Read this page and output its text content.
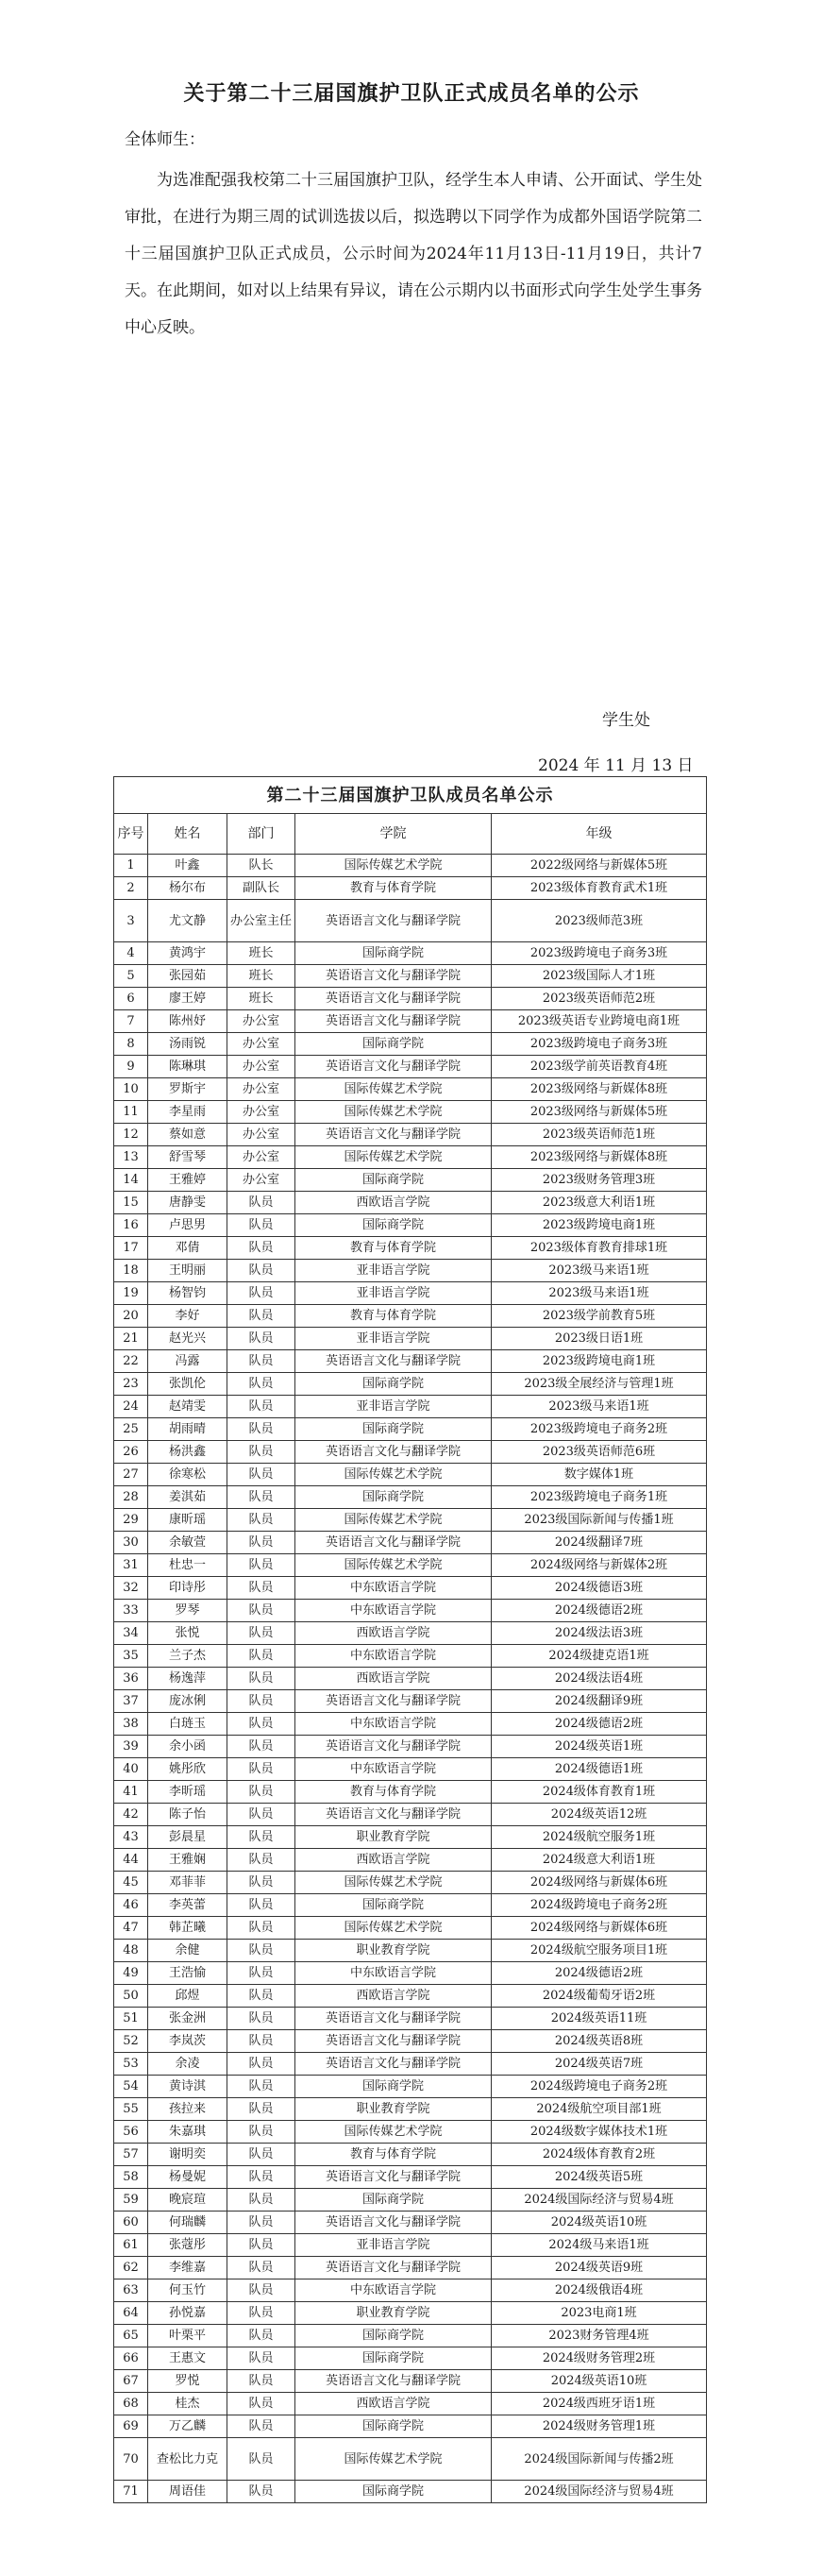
关于第二十三届国旗护卫队正式成员名单的公示
全体师生：
为选准配强我校第二十三届国旗护卫队，经学生本人申请、公开面试、学生处审批，在进行为期三周的试训选拔以后，拟选聘以下同学作为成都外国语学院第二十三届国旗护卫队正式成员，公示时间为2024年11月13日-11月19日，共计7天。在此期间，如对以上结果有异议，请在公示期内以书面形式向学生处学生事务中心反映。
学生处
2024 年 11 月 13 日
第二十三届国旗护卫队成员名单公示				
序号	姓名	部门	学院	年级
1	叶鑫	队长	国际传媒艺术学院	2022级网络与新媒体5班
2	杨尔布	副队长	教育与体育学院	2023级体育教育武术1班
3	尤文静	办公室主任	英语语言文化与翻译学院	2023级师范3班
4	黄鸿宇	班长	国际商学院	2023级跨境电子商务3班
5	张园茹	班长	英语语言文化与翻译学院	2023级国际人才1班
6	廖王婷	班长	英语语言文化与翻译学院	2023级英语师范2班
7	陈州妤	办公室	英语语言文化与翻译学院	2023级英语专业跨境电商1班
8	汤雨锐	办公室	国际商学院	2023级跨境电子商务3班
9	陈琳琪	办公室	英语语言文化与翻译学院	2023级学前英语教育4班
10	罗斯宇	办公室	国际传媒艺术学院	2023级网络与新媒体8班
11	李星雨	办公室	国际传媒艺术学院	2023级网络与新媒体5班
12	蔡如意	办公室	英语语言文化与翻译学院	2023级英语师范1班
13	舒雪琴	办公室	国际传媒艺术学院	2023级网络与新媒体8班
14	王雅婷	办公室	国际商学院	2023级财务管理3班
15	唐静雯	队员	西欧语言学院	2023级意大利语1班
16	卢思男	队员	国际商学院	2023级跨境电商1班
17	邓倩	队员	教育与体育学院	2023级体育教育排球1班
18	王明丽	队员	亚非语言学院	2023级马来语1班
19	杨智钧	队员	亚非语言学院	2023级马来语1班
20	李好	队员	教育与体育学院	2023级学前教育5班
21	赵光兴	队员	亚非语言学院	2023级日语1班
22	冯露	队员	英语语言文化与翻译学院	2023级跨境电商1班
23	张凯伦	队员	国际商学院	2023级全展经济与管理1班
24	赵靖雯	队员	亚非语言学院	2023级马来语1班
25	胡雨晴	队员	国际商学院	2023级跨境电子商务2班
26	杨洪鑫	队员	英语语言文化与翻译学院	2023级英语师范6班
27	徐寒松	队员	国际传媒艺术学院	数字媒体1班
28	姜淇茹	队员	国际商学院	2023级跨境电子商务1班
29	康昕瑶	队员	国际传媒艺术学院	2023级国际新闻与传播1班
30	余敏萱	队员	英语语言文化与翻译学院	2024级翻译7班
31	杜忠一	队员	国际传媒艺术学院	2024级网络与新媒体2班
32	印诗彤	队员	中东欧语言学院	2024级德语3班
33	罗琴	队员	中东欧语言学院	2024级德语2班
34	张悦	队员	西欧语言学院	2024级法语3班
35	兰子杰	队员	中东欧语言学院	2024级捷克语1班
36	杨逸萍	队员	西欧语言学院	2024级法语4班
37	庞冰俐	队员	英语语言文化与翻译学院	2024级翻译9班
38	白琏玉	队员	中东欧语言学院	2024级德语2班
39	余小函	队员	英语语言文化与翻译学院	2024级英语1班
40	姚彤欣	队员	中东欧语言学院	2024级德语1班
41	李昕瑶	队员	教育与体育学院	2024级体育教育1班
42	陈子怡	队员	英语语言文化与翻译学院	2024级英语12班
43	彭晨星	队员	职业教育学院	2024级航空服务1班
44	王雅娴	队员	西欧语言学院	2024级意大利语1班
45	邓菲菲	队员	国际传媒艺术学院	2024级网络与新媒体6班
46	李英蕾	队员	国际商学院	2024级跨境电子商务2班
47	韩芷曦	队员	国际传媒艺术学院	2024级网络与新媒体6班
48	余健	队员	职业教育学院	2024级航空服务项目1班
49	王浩愉	队员	中东欧语言学院	2024级德语2班
50	邱煜	队员	西欧语言学院	2024级葡萄牙语2班
51	张金洲	队员	英语语言文化与翻译学院	2024级英语11班
52	李岚茨	队员	英语语言文化与翻译学院	2024级英语8班
53	余凌	队员	英语语言文化与翻译学院	2024级英语7班
54	黄诗淇	队员	国际商学院	2024级跨境电子商务2班
55	孩拉来	队员	职业教育学院	2024级航空项目部1班
56	朱嘉琪	队员	国际传媒艺术学院	2024级数字媒体技术1班
57	谢明奕	队员	教育与体育学院	2024级体育教育2班
58	杨曼妮	队员	英语语言文化与翻译学院	2024级英语5班
59	晚宸瑄	队员	国际商学院	2024级国际经济与贸易4班
60	何瑞麟	队员	英语语言文化与翻译学院	2024级英语10班
61	张蔻彤	队员	亚非语言学院	2024级马来语1班
62	李维嘉	队员	英语语言文化与翻译学院	2024级英语9班
63	何玉竹	队员	中东欧语言学院	2024级俄语4班
64	孙悦嘉	队员	职业教育学院	2023电商1班
65	叶栗平	队员	国际商学院	2023财务管理4班
66	王惠文	队员	国际商学院	2024级财务管理2班
67	罗悦	队员	英语语言文化与翻译学院	2024级英语10班
68	桂杰	队员	西欧语言学院	2024级西班牙语1班
69	万乙麟	队员	国际商学院	2024级财务管理1班
70	查松比力克	队员	国际传媒艺术学院	2024级国际新闻与传播2班
71	周语佳	队员	国际商学院	2024级国际经济与贸易4班
